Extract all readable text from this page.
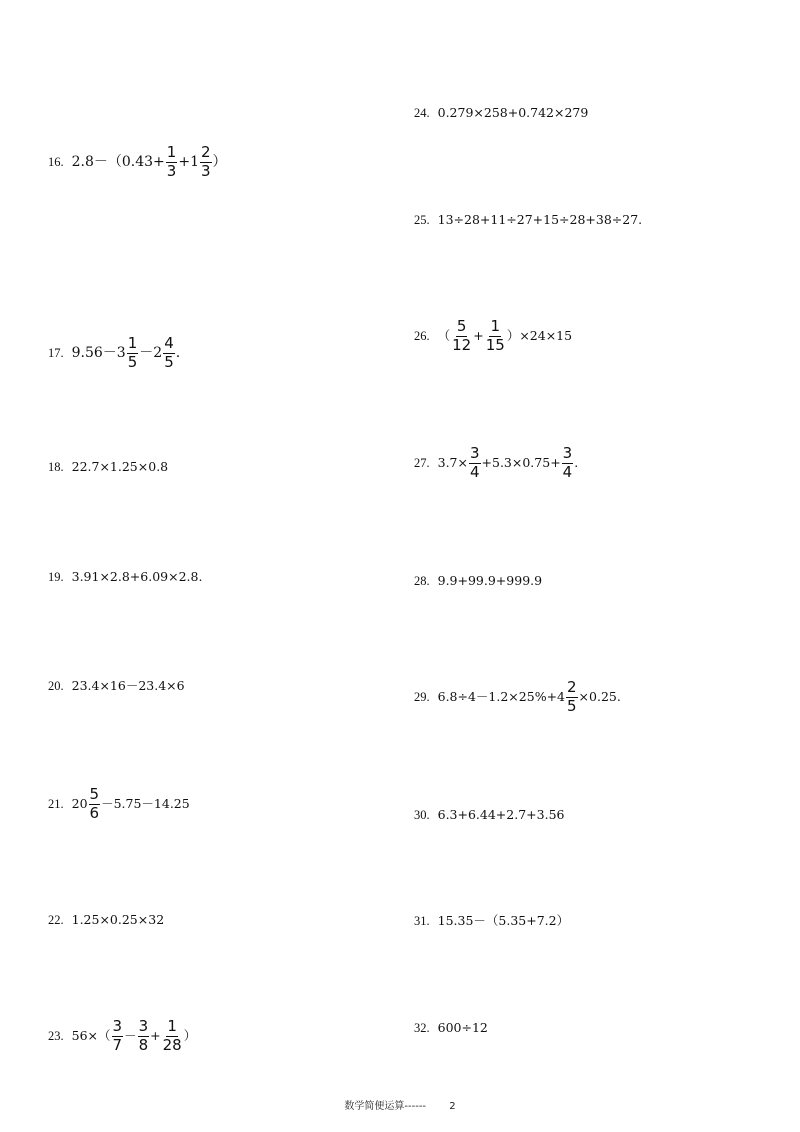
16. $2.8-(0.43+ \frac{1}{3} +1 \frac{2}{3}$ ）
17. $9.56-3 \frac{1}{5} -2 \frac{4}{5}$ .
18. 22.7×1.25×0.8
19. 3.91×2.8+6.09×2.8.
20. 23.4×16－23.4×6
21. $20 \frac{5}{6} -5.75-14.25$
22. 1.25×0.25×32
23. $56\times( \frac{3}{7} - \frac{3}{8} + \frac{1}{28}$ ）
24. 0.279×258+0.742×279
25. 13÷28+11÷27+15÷28+38÷27.
26. （ $\frac{5}{12} + \frac{1}{15} )\times 24\times 15$
27. $3.7\times \frac{3}{4} +5.3\times 0.75+ \frac{3}{4}$ .
28. 9.9+99.9+999.9
29. $6.8\div 4-1.2\times 25\%+4 \frac{2}{5} \times 0.25$.
30. 6.3+6.44+2.7+3.56
31. 15.35－（5.35+7.2）
32. 600÷12
数学简便运算------ 2
